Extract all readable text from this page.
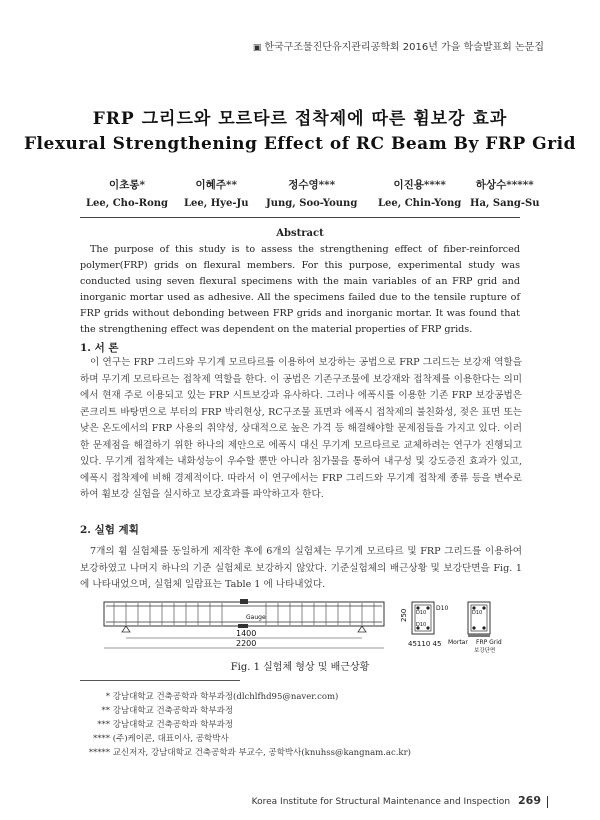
▣ 한국구조물진단유지관리공학회 2016년 가을 학술발표회 논문집
FRP 그리드와 모르타르 접착제에 따른 휨보강 효과
Flexural Strengthening Effect of RC Beam By FRP Grid
이초롱*
Lee, Cho-Rong
이혜주**
Lee, Hye-Ju
정수영***
Jung, Soo-Young
이진용****
Lee, Chin-Yong
하상수*****
Ha, Sang-Su
Abstract
The purpose of this study is to assess the strengthening effect of fiber-reinforced polymer(FRP) grids on flexural members. For this purpose, experimental study was conducted using seven flexural specimens with the main variables of an FRP grid and inorganic mortar used as adhesive. All the specimens failed due to the tensile rupture of FRP grids without debonding between FRP grids and inorganic mortar. It was found that the strengthening effect was dependent on the material properties of FRP grids.
1. 서 론
이 연구는 FRP 그리드와 무기계 모르타르를 이용하여 보강하는 공법으로 FRP 그리드는 보강재 역할을 하며 무기계 모르타르는 접착제 역할을 한다. 이 공법은 기존구조물에 보강재와 접착제를 이용한다는 의미에서 현재 주로 이용되고 있는 FRP 시트보강과 유사하다. 그러나 에폭시를 이용한 기존 FRP 보강공법은 콘크리트 바탕면으로 부터의 FRP 박리현상, RC구조물 표면과 에폭시 접착제의 불친화성, 젖은 표면 또는 낮은 온도에서의 FRP 사용의 취약성, 상대적으로 높은 가격 등 해결해야할 문제점들을 가지고 있다. 이러한 문제점을 해결하기 위한 하나의 제안으로 에폭시 대신 무기계 모르타르로 교체하려는 연구가 진행되고 있다. 무기계 접착제는 내화성능이 우수할 뿐만 아니라 침가물을 통하여 내구성 및 강도증진 효과가 있고, 에폭시 접착제에 비해 경제적이다. 따라서 이 연구에서는 FRP 그리드와 무기계 접착제 종류 등을 변수로 하여 휨보강 실험을 실시하고 보강효과를 파악하고자 한다.
2. 실험 계획
7개의 휨 실험체를 동일하게 제작한 후에 6개의 실험체는 무기계 모르타르 및 FRP 그리드를 이용하여 보강하였고 나머지 하나의 기준 실험체로 보강하지 않았다. 기준실험체의 배근상황 및 보강단면을 Fig. 1에 나타내었으며, 실험체 일람표는 Table 1 에 나타내었다.
Gauge
1400
2200
250 D10
D10
D10
45110 45
D10
Mortar FRP Grid
보강단면
Fig. 1 실험체 형상 및 배근상황
* 강남대학교 건축공학과 학부과정(dlchlfhd95@naver.com)
** 강남대학교 건축공학과 학부과정
*** 강남대학교 건축공학과 학부과정
**** (주)케이콘, 대표이사, 공학박사
***** 교신저자, 강남대학교 건축공학과 부교수, 공학박사(knuhss@kangnam.ac.kr)
Korea Institute for Structural Maintenance and Inspection 269
